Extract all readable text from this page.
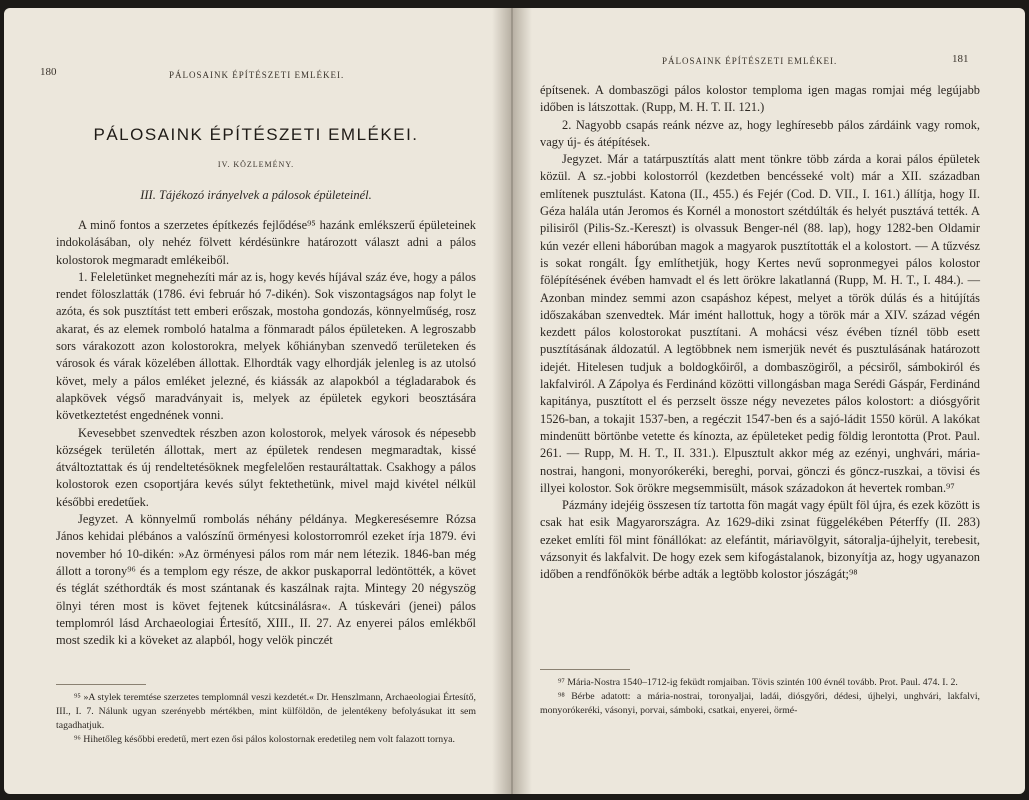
180	PÁLOSAINK ÉPÍTÉSZETI EMLÉKEI.
PÁLOSAINK ÉPÍTÉSZETI EMLÉKEI.
IV. KÖZLEMÉNY.
III. Tájékozó irányelvek a pálosok épületeinél.

A minő fontos a szerzetes építkezés fejlődése⁹⁵ hazánk emlékszerű épületeinek indokolásában, oly nehéz fölvett kérdésünkre határozott választ adni a pálos kolostorok megmaradt emlékeiből.

1. Feleletünket megnehezíti már az is, hogy kevés híjával száz éve, hogy a pálos rendet föloszlatták (1786. évi február hó 7-dikén). Sok viszontagságos nap folyt le azóta, és sok pusztítást tett emberi erőszak, mostoha gondozás, könnyelműség, rosz akarat, és az elemek romboló hatalma a fönmaradt pálos épületeken. A legroszabb sors várakozott azon kolostorokra, melyek kőhiányban szenvedő területeken és városok és várak közelében állottak. Elhordták vagy elhordják jelenleg is az utolsó követ, mely a pálos emléket jelezné, és kiássák az alapokból a tégladarabok és alapkövek végső maradványait is, melyek az épületek egykori beosztására következtetést engednének vonni.

Kevesebbet szenvedtek részben azon kolostorok, melyek városok és népesebb községek területén állottak, mert az épületek rendesen megmaradtak, kissé átváltoztattak és új rendeltetésöknek megfelelően restauráltattak. Csakhogy a pálos kolostorok ezen csoportjára kevés súlyt fektethetünk, mivel majd kivétel nélkül későbbi eredetűek.

Jegyzet. A könnyelmű rombolás néhány példánya. Megkeresésemre Rózsa János kehidai plébános a valószínű örményesi kolostorromról ezeket írja 1879. évi november hó 10-dikén: »Az örményesi pálos rom már nem létezik. 1846-ban még állott a torony⁹⁶ és a templom egy része, de akkor puskaporral ledöntötték, a követ és téglát széthordták és most szántanak és kaszálnak rajta. Mintegy 20 négyszög ölnyi téren most is követ fejtenek kútcsinálásra«. A túskevári (jenei) pálos templomról lásd Archaeologiai Értesítő, XIII., II. 27. Az enyerei pálos emlékből most szedik ki a köveket az alapból, hogy velök pinczét

⁹⁵ »A stylek teremtése szerzetes templomnál veszi kezdetét.« Dr. Henszlmann, Archaeologiai Értesítő, III., I. 7. Nálunk ugyan szerényebb mértékben, mint külföldön, de jelentékeny befolyásukat itt sem tagadhatjuk.

⁹⁶ Hihetőleg későbbi eredetű, mert ezen ősi pálos kolostornak eredetileg nem volt falazott tornya.

PÁLOSAINK ÉPÍTÉSZETI EMLÉKEI.	181

építsenek. A dombaszögi pálos kolostor temploma igen magas romjai még legújabb időben is látszottak. (Rupp, M. H. T. II. 121.)

2. Nagyobb csapás reánk nézve az, hogy leghíresebb pálos zárdáink vagy romok, vagy új- és átépítések.

Jegyzet. Már a tatárpusztítás alatt ment tönkre több zárda a korai pálos épületek közül. A sz.-jobbi kolostorról (kezdetben bencésseké volt) már a XII. században említenek pusztulást. Katona (II., 455.) és Fejér (Cod. D. VII., I. 161.) állítja, hogy II. Géza halála után Jeromos és Kornél a monostort szétdúlták és helyét pusztává tették. A pilisiről (Pilis-Sz.-Kereszt) is olvassuk Benger-nél (88. lap), hogy 1282-ben Oldamir kún vezér elleni háborúban magok a magyarok pusztították el a kolostort. — A tűzvész is sokat rongált. Így említhetjük, hogy Kertes nevű sopronmegyei pálos kolostor fölépítésének évében hamvadt el és lett örökre lakatlanná (Rupp, M. H. T., I. 484.). — Azonban mindez semmi azon csapáshoz képest, melyet a török dúlás és a hitújítás időszakában szenvedtek. Már imént hallottuk, hogy a török már a XIV. század végén kezdett pálos kolostorokat pusztítani. A mohácsi vész évében tíznél több esett pusztításának áldozatúl. A legtöbbnek nem ismerjük nevét és pusztulásának határozott idejét. Hitelesen tudjuk a boldogkőiről, a dombaszögiről, a pécsiről, sámbokiról és lakfalviról. A Zápolya és Ferdinánd közötti villongásban maga Serédi Gáspár, Ferdinánd kapitánya, pusztított el és perzselt össze négy nevezetes pálos kolostort: a diósgyőrit 1526-ban, a tokajit 1537-ben, a regéczit 1547-ben és a sajó-ládit 1550 körül. A lakókat mindenütt börtönbe vetette és kínozta, az épületeket pedig földig lerontotta (Prot. Paul. 261. — Rupp, M. H. T., II. 331.). Elpusztult akkor még az ezényi, unghvári, mária-nostrai, hangoni, monyorókeréki, bereghi, porvai, gönczi és göncz-ruszkai, a tövisi és illyei kolostor. Sok örökre megsemmisült, mások századokon át hevertek romban.⁹⁷

Pázmány idejéig összesen tíz tartotta fön magát vagy épült föl újra, és ezek között is csak hat esik Magyarországra. Az 1629-diki zsinat függelékében Péterffy (II. 283) ezeket említi föl mint fönállókat: az elefántit, máriavölgyit, sátoralja-újhelyit, terebesit, vázsonyit és lakfalvit. De hogy ezek sem kifogástalanok, bizonyítja az, hogy ugyanazon időben a rendfőnökök bérbe adták a legtöbb kolostor jószágát;⁹⁸

⁹⁷ Mária-Nostra 1540–1712-ig feküdt romjaiban. Tövis szintén 100 évnél tovább. Prot. Paul. 474. I. 2.

⁹⁸ Bérbe adatott: a mária-nostrai, toronyaljai, ladái, diósgyőri, dédesi, újhelyi, unghvári, lakfalvi, monyorókeréki, vásonyi, porvai, sámboki, csatkai, enyerei, örmé-
